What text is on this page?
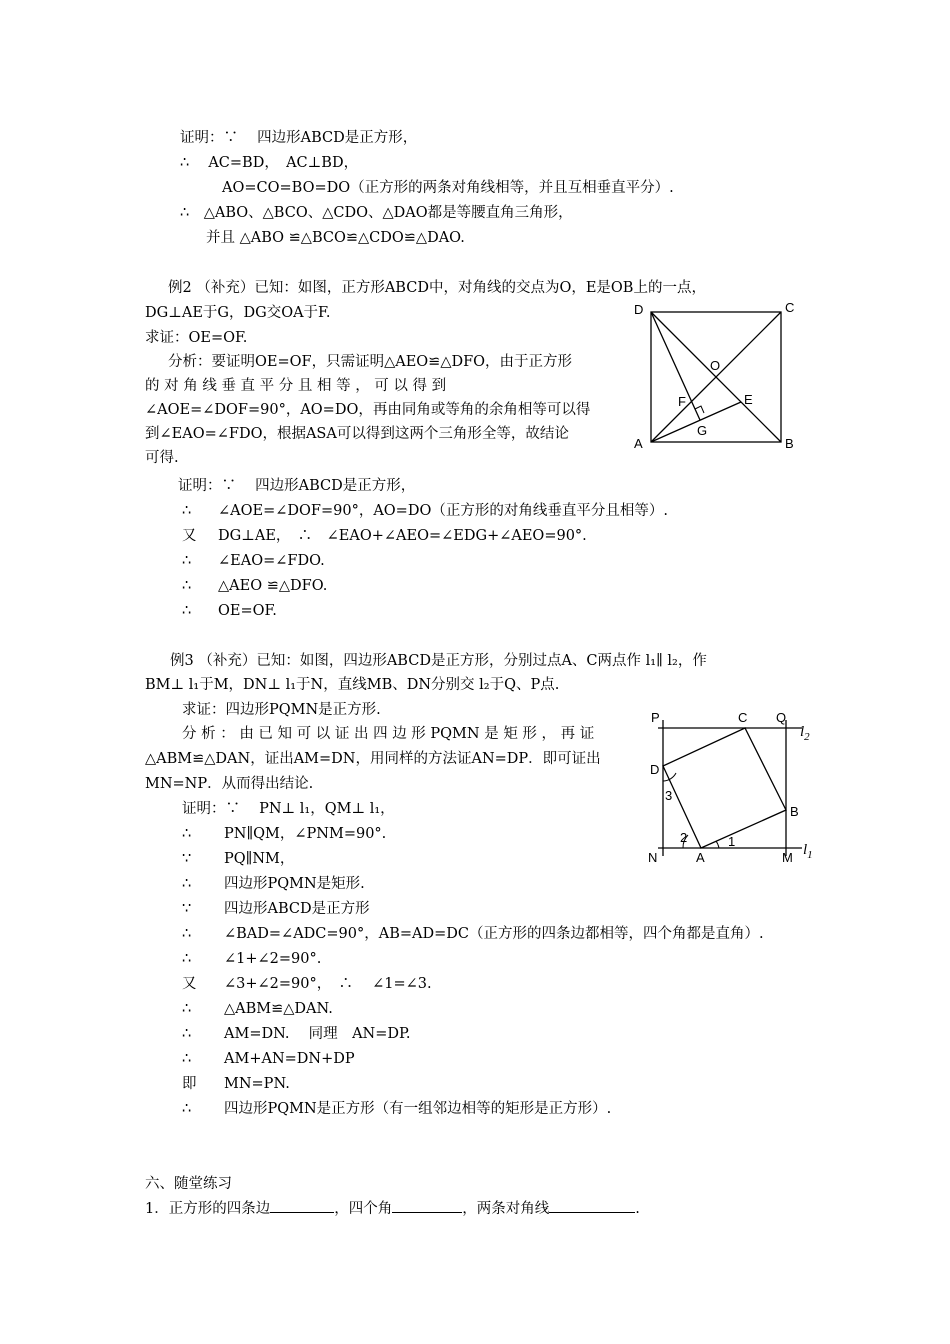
证明：∵　 四边形ABCD是正方形，
∴　 AC=BD，　AC⊥BD，
AO=CO=BO=DO（正方形的两条对角线相等，并且互相垂直平分）.
∴　△ABO、△BCO、△CDO、△DAO都是等腰直角三角形，
并且 △ABO ≌△BCO≌△CDO≌△DAO.
例2 （补充）已知：如图，正方形ABCD中，对角线的交点为O，E是OB上的一点，
DG⊥AE于G，DG交OA于F.
求证：OE=OF.
分析：要证明OE=OF，只需证明△AEO≌△DFO，由于正方形
的 对 角 线 垂 直 平 分 且 相 等 ， 可 以 得 到
∠AOE=∠DOF=90°，AO=DO，再由同角或等角的余角相等可以得
到∠EAO=∠FDO，根据ASA可以得到这两个三角形全等，故结论
可得.
证明：∵　 四边形ABCD是正方形，
∴ ∠AOE=∠DOF=90°，AO=DO（正方形的对角线垂直平分且相等）.
又 DG⊥AE，　∴　∠EAO+∠AEO=∠EDG+∠AEO=90°.
∴ ∠EAO=∠FDO.
∴ △AEO ≌△DFO.
∴ OE=OF.
D	C
O
F	E
G
A	B
例3 （补充）已知：如图，四边形ABCD是正方形，分别过点A、C两点作 l₁∥ l₂，作
BM⊥ l₁于M，DN⊥ l₁于N，直线MB、DN分别交 l₂于Q、P点.
求证：四边形PQMN是正方形.
分 析 ： 由 已 知 可 以 证 出 四 边 形 PQMN 是 矩 形 ， 再 证
△ABM≌△DAN，证出AM=DN，用同样的方法证AN=DP．即可证出
MN=NP．从而得出结论.
证明：∵　 PN⊥ l₁，QM⊥ l₁，
∴ PN∥QM，∠PNM=90°.
∵ PQ∥NM，
∴ 四边形PQMN是矩形.
∵ 四边形ABCD是正方形
∴ ∠BAD=∠ADC=90°，AB=AD=DC（正方形的四条边都相等，四个角都是直角）.
∴ ∠1+∠2=90°.
又 ∠3+∠2=90°，　∴　 ∠1=∠3.
∴ △ABM≌△DAN.
∴ AM=DN.　 同理　AN=DP.
∴ AM+AN=DN+DP
即 MN=PN.
∴ 四边形PQMN是正方形（有一组邻边相等的矩形是正方形）.
P	C Q
$l_2$
D
3
B
2	1
N	A	M $l_1$
六、随堂练习
1．正方形的四条边	，四个角	，两条对角线	.
